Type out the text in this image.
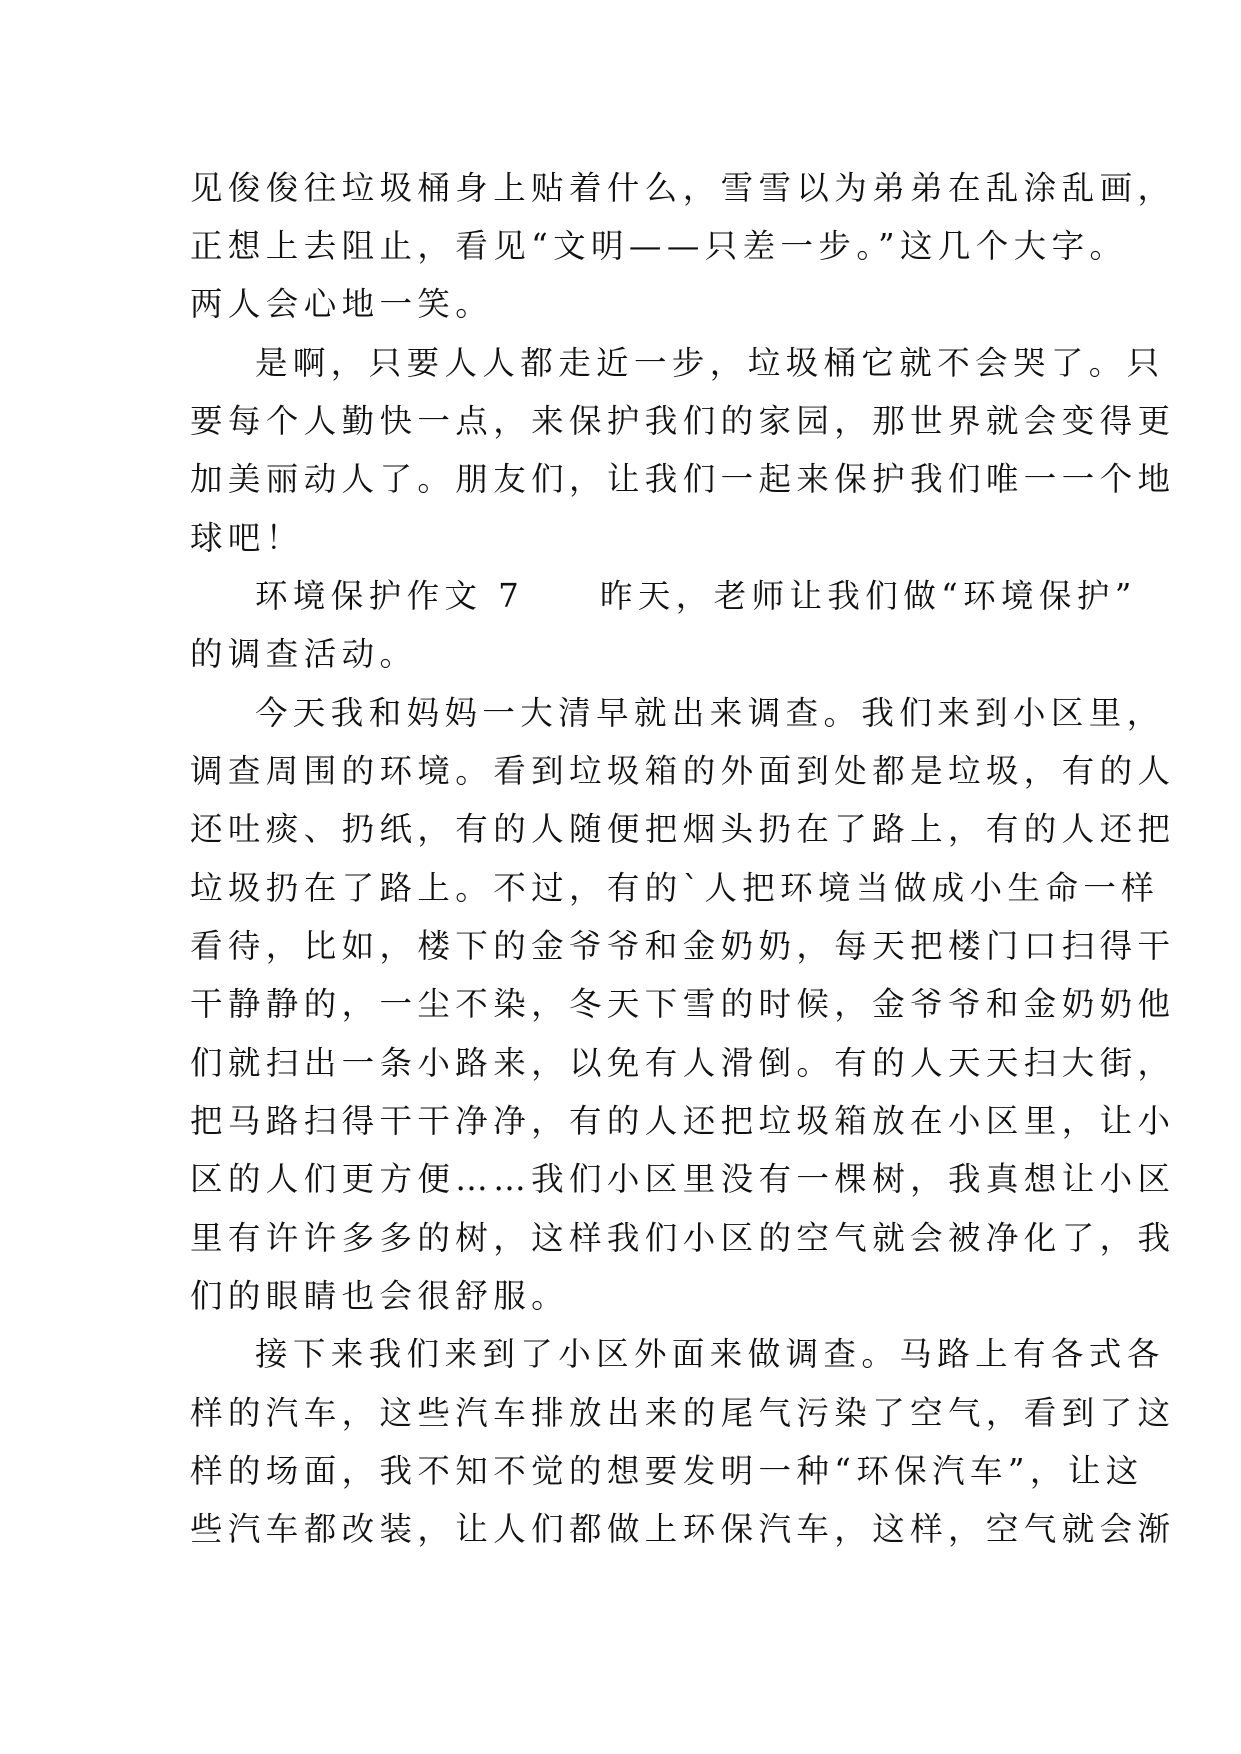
见俊俊往垃圾桶身上贴着什么，雪雪以为弟弟在乱涂乱画，
正想上去阻止，看见“文明——只差一步。”这几个大字。
两人会心地一笑。
是啊，只要人人都走近一步，垃圾桶它就不会哭了。只
要每个人勤快一点，来保护我们的家园，那世界就会变得更
加美丽动人了。朋友们，让我们一起来保护我们唯一一个地
球吧！
环境保护作文 7　　昨天，老师让我们做“环境保护”
的调查活动。
今天我和妈妈一大清早就出来调查。我们来到小区里，
调查周围的环境。看到垃圾箱的外面到处都是垃圾，有的人
还吐痰、扔纸，有的人随便把烟头扔在了路上，有的人还把
垃圾扔在了路上。不过，有的`人把环境当做成小生命一样
看待，比如，楼下的金爷爷和金奶奶，每天把楼门口扫得干
干静静的，一尘不染，冬天下雪的时候，金爷爷和金奶奶他
们就扫出一条小路来，以免有人滑倒。有的人天天扫大街，
把马路扫得干干净净，有的人还把垃圾箱放在小区里，让小
区的人们更方便……我们小区里没有一棵树，我真想让小区
里有许许多多的树，这样我们小区的空气就会被净化了，我
们的眼睛也会很舒服。
接下来我们来到了小区外面来做调查。马路上有各式各
样的汽车，这些汽车排放出来的尾气污染了空气，看到了这
样的场面，我不知不觉的想要发明一种“环保汽车”，让这
些汽车都改装，让人们都做上环保汽车，这样，空气就会渐
